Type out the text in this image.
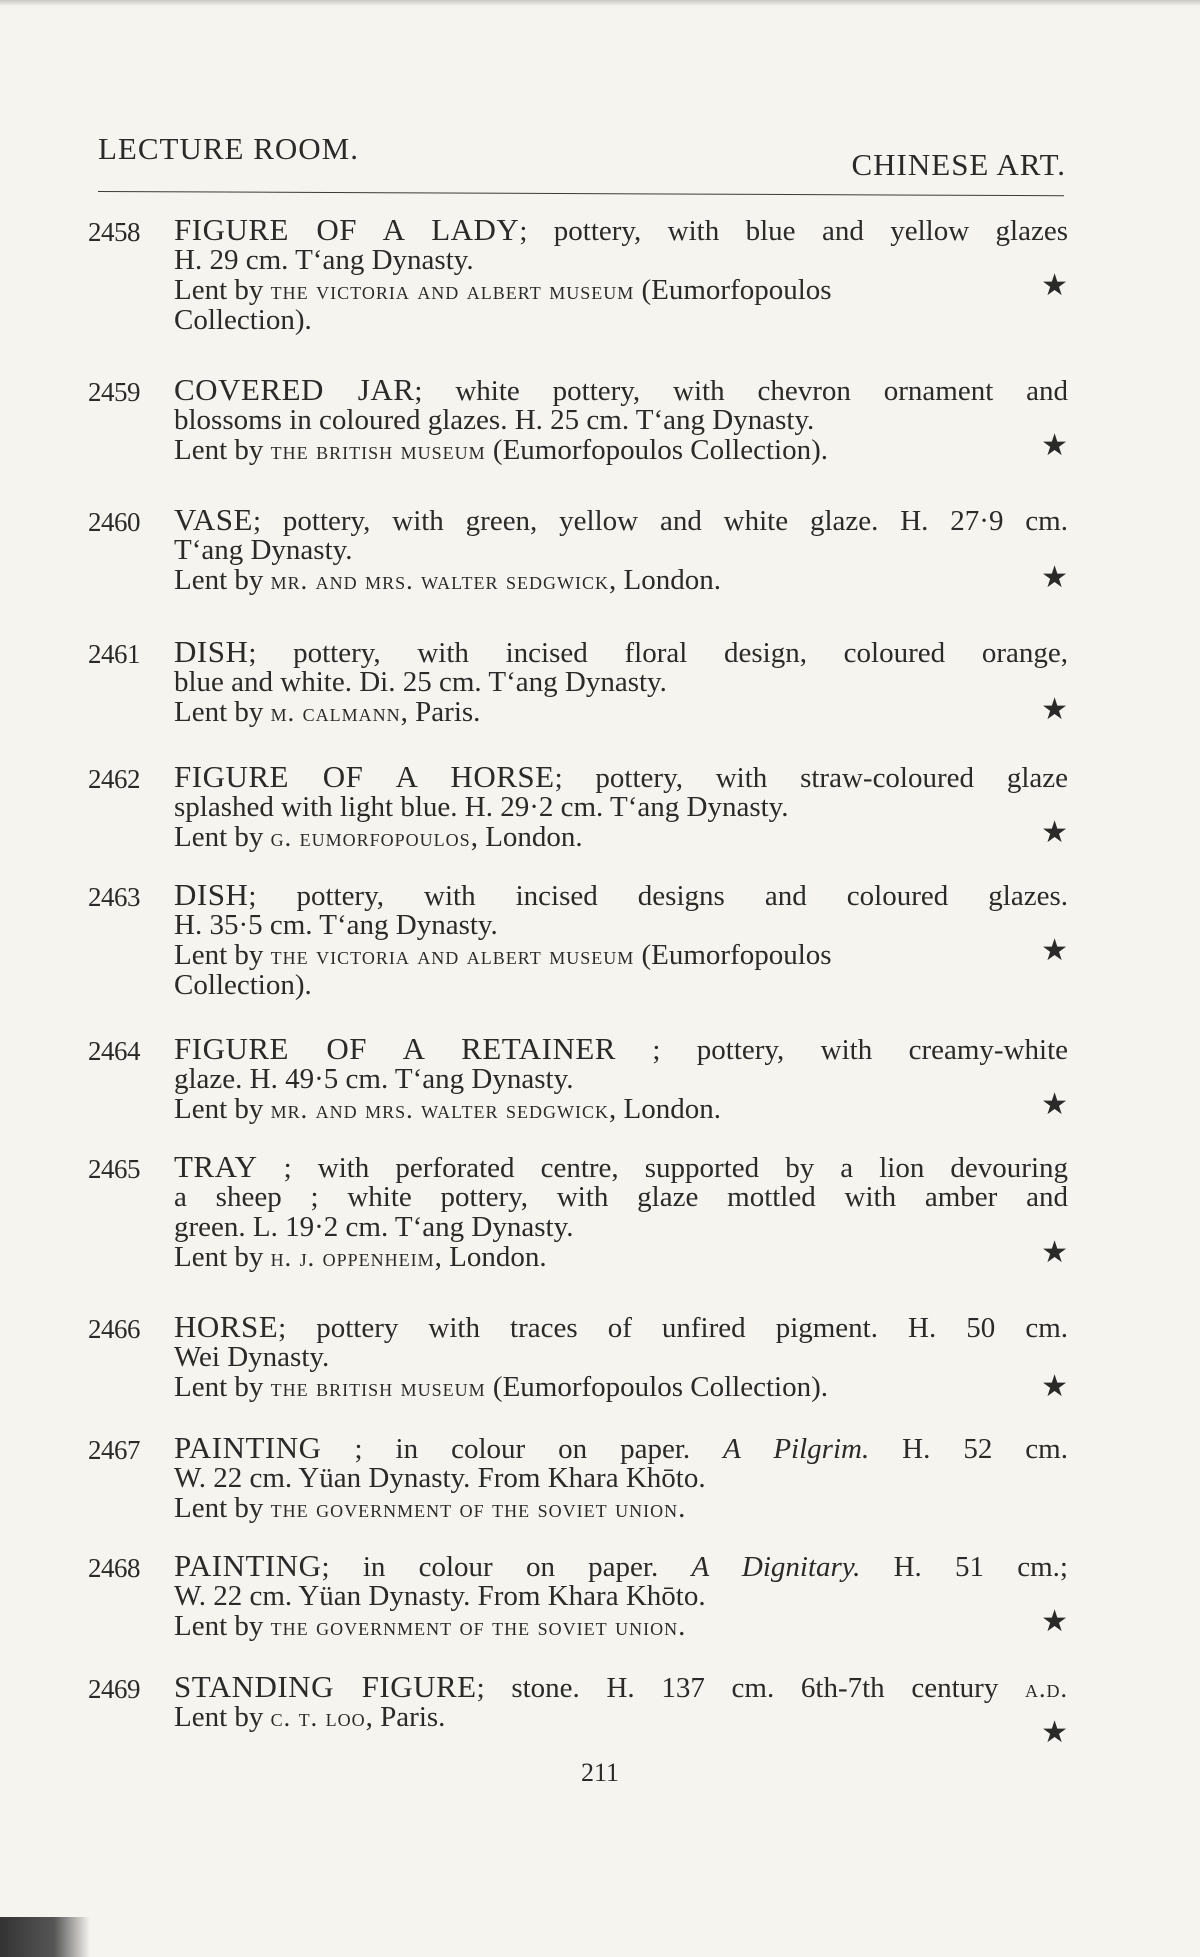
LECTURE ROOM.	CHINESE ART.
2458	FIGURE OF A LADY; pottery, with blue and yellow glazes
H. 29 cm. T‘ang Dynasty.
Lent by the victoria and albert museum (Eumorfopoulos
Collection).
★
2459	COVERED JAR; white pottery, with chevron ornament and
blossoms in coloured glazes. H. 25 cm. T‘ang Dynasty.
Lent by the british museum (Eumorfopoulos Collection).	★
2460	VASE; pottery, with green, yellow and white glaze. H. 27·9 cm.
T‘ang Dynasty.
Lent by mr. and mrs. walter sedgwick, London.	★
2461	DISH; pottery, with incised floral design, coloured orange,
blue and white. Di. 25 cm. T‘ang Dynasty.
Lent by m. calmann, Paris.	★
2462	FIGURE OF A HORSE; pottery, with straw-coloured glaze
splashed with light blue. H. 29·2 cm. T‘ang Dynasty.
Lent by g. eumorfopoulos, London.	★
2463	DISH; pottery, with incised designs and coloured glazes.
H. 35·5 cm. T‘ang Dynasty.
Lent by the victoria and albert museum (Eumorfopoulos
Collection).
★
2464	FIGURE OF A RETAINER ; pottery, with creamy-white
glaze. H. 49·5 cm. T‘ang Dynasty.
Lent by mr. and mrs. walter sedgwick, London.	★
2465	TRAY ; with perforated centre, supported by a lion devouring
a sheep ; white pottery, with glaze mottled with amber and
green. L. 19·2 cm. T‘ang Dynasty.
Lent by h. j. oppenheim, London.	★
2466	HORSE; pottery with traces of unfired pigment. H. 50 cm.
Wei Dynasty.
Lent by the british museum (Eumorfopoulos Collection).	★
2467	PAINTING ; in colour on paper. A Pilgrim. H. 52 cm.
W. 22 cm. Yüan Dynasty. From Khara Khōto.
Lent by the government of the soviet union.
2468	PAINTING; in colour on paper. A Dignitary. H. 51 cm.;
W. 22 cm. Yüan Dynasty. From Khara Khōto.
Lent by the government of the soviet union.	★
2469	STANDING FIGURE; stone. H. 137 cm. 6th-7th century a.d.
Lent by c. t. loo, Paris.	★
211
